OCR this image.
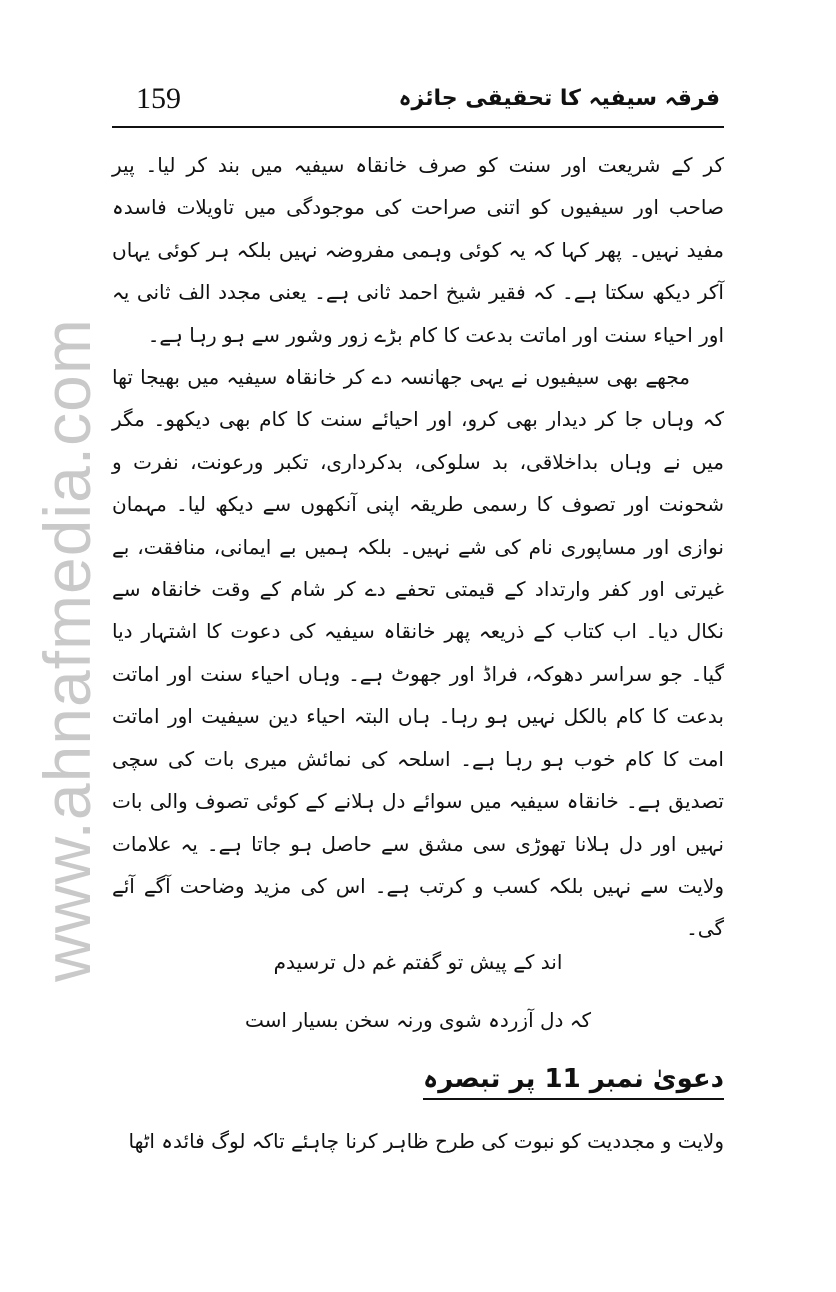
www.ahnafmedia.com
159	فرقہ سیفیہ کا تحقیقی جائزہ

کر کے شریعت اور سنت کو صرف خانقاہ سیفیہ میں بند کر لیا۔ پیر صاحب اور سیفیوں کو اتنی صراحت کی موجودگی میں تاویلات فاسدہ مفید نہیں۔ پھر کہا کہ یہ کوئی وہمی مفروضہ نہیں بلکہ ہر کوئی یہاں آکر دیکھ سکتا ہے۔ کہ فقیر شیخ احمد ثانی ہے۔ یعنی مجدد الف ثانی یہ اور احیاء سنت اور اماتت بدعت کا کام بڑے زور وشور سے ہو رہا ہے۔

مجھے بھی سیفیوں نے یہی جھانسہ دے کر خانقاہ سیفیہ میں بھیجا تھا کہ وہاں جا کر دیدار بھی کرو، اور احیائے سنت کا کام بھی دیکھو۔ مگر میں نے وہاں بداخلاقی، بد سلوکی، بدکرداری، تکبر ورعونت، نفرت و شحونت اور تصوف کا رسمی طریقہ اپنی آنکھوں سے دیکھ لیا۔ مہمان نوازی اور مساپوری نام کی شے نہیں۔ بلکہ ہمیں بے ایمانی، منافقت، بے غیرتی اور کفر وارتداد کے قیمتی تحفے دے کر شام کے وقت خانقاہ سے نکال دیا۔ اب کتاب کے ذریعہ پھر خانقاہ سیفیہ کی دعوت کا اشتہار دیا گیا۔ جو سراسر دھوکہ، فراڈ اور جھوٹ ہے۔ وہاں احیاء سنت اور اماتت بدعت کا کام بالکل نہیں ہو رہا۔ ہاں البتہ احیاء دین سیفیت اور اماتت امت کا کام خوب ہو رہا ہے۔ اسلحہ کی نمائش میری بات کی سچی تصدیق ہے۔ خانقاہ سیفیہ میں سوائے دل ہلانے کے کوئی تصوف والی بات نہیں اور دل ہلانا تھوڑی سی مشق سے حاصل ہو جاتا ہے۔ یہ علامات ولایت سے نہیں بلکہ کسب و کرتب ہے۔ اس کی مزید وضاحت آگے آئے گی۔

اند کے پیش تو گفتم غم دل ترسیدم
کہ دل آزردہ شوی ورنہ سخن بسیار است
دعویٰ نمبر 11 پر تبصرہ
ولایت و مجددیت کو نبوت کی طرح ظاہر کرنا چاہئے تاکہ لوگ فائدہ اٹھا
